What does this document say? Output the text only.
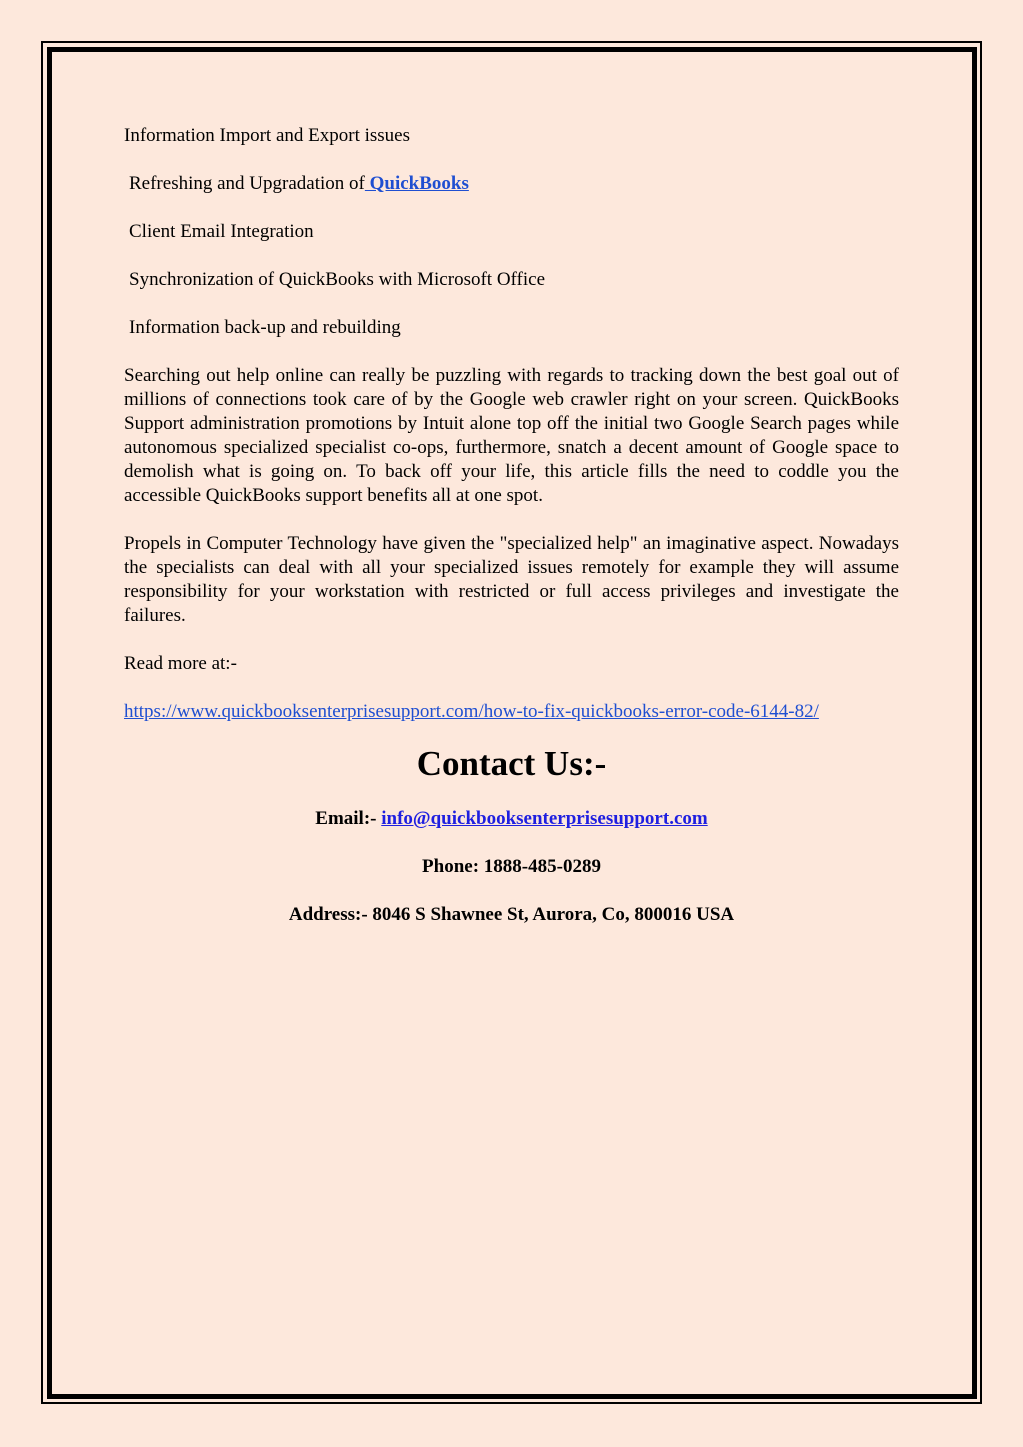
Information Import and Export issues

Refreshing and Upgradation of QuickBooks

Client Email Integration

Synchronization of QuickBooks with Microsoft Office

Information back-up and rebuilding

Searching out help online can really be puzzling with regards to tracking down the best goal out of millions of connections took care of by the Google web crawler right on your screen. QuickBooks Support administration promotions by Intuit alone top off the initial two Google Search pages while autonomous specialized specialist co-ops, furthermore, snatch a decent amount of Google space to demolish what is going on. To back off your life, this article fills the need to coddle you the accessible QuickBooks support benefits all at one spot.

Propels in Computer Technology have given the "specialized help" an imaginative aspect. Nowadays the specialists can deal with all your specialized issues remotely for example they will assume responsibility for your workstation with restricted or full access privileges and investigate the failures.

Read more at:-

https://www.quickbooksenterprisesupport.com/how-to-fix-quickbooks-error-code-6144-82/

Contact Us:-
Email:- info@quickbooksenterprisesupport.com
Phone: 1888-485-0289
Address:- 8046 S Shawnee St, Aurora, Co, 800016 USA
